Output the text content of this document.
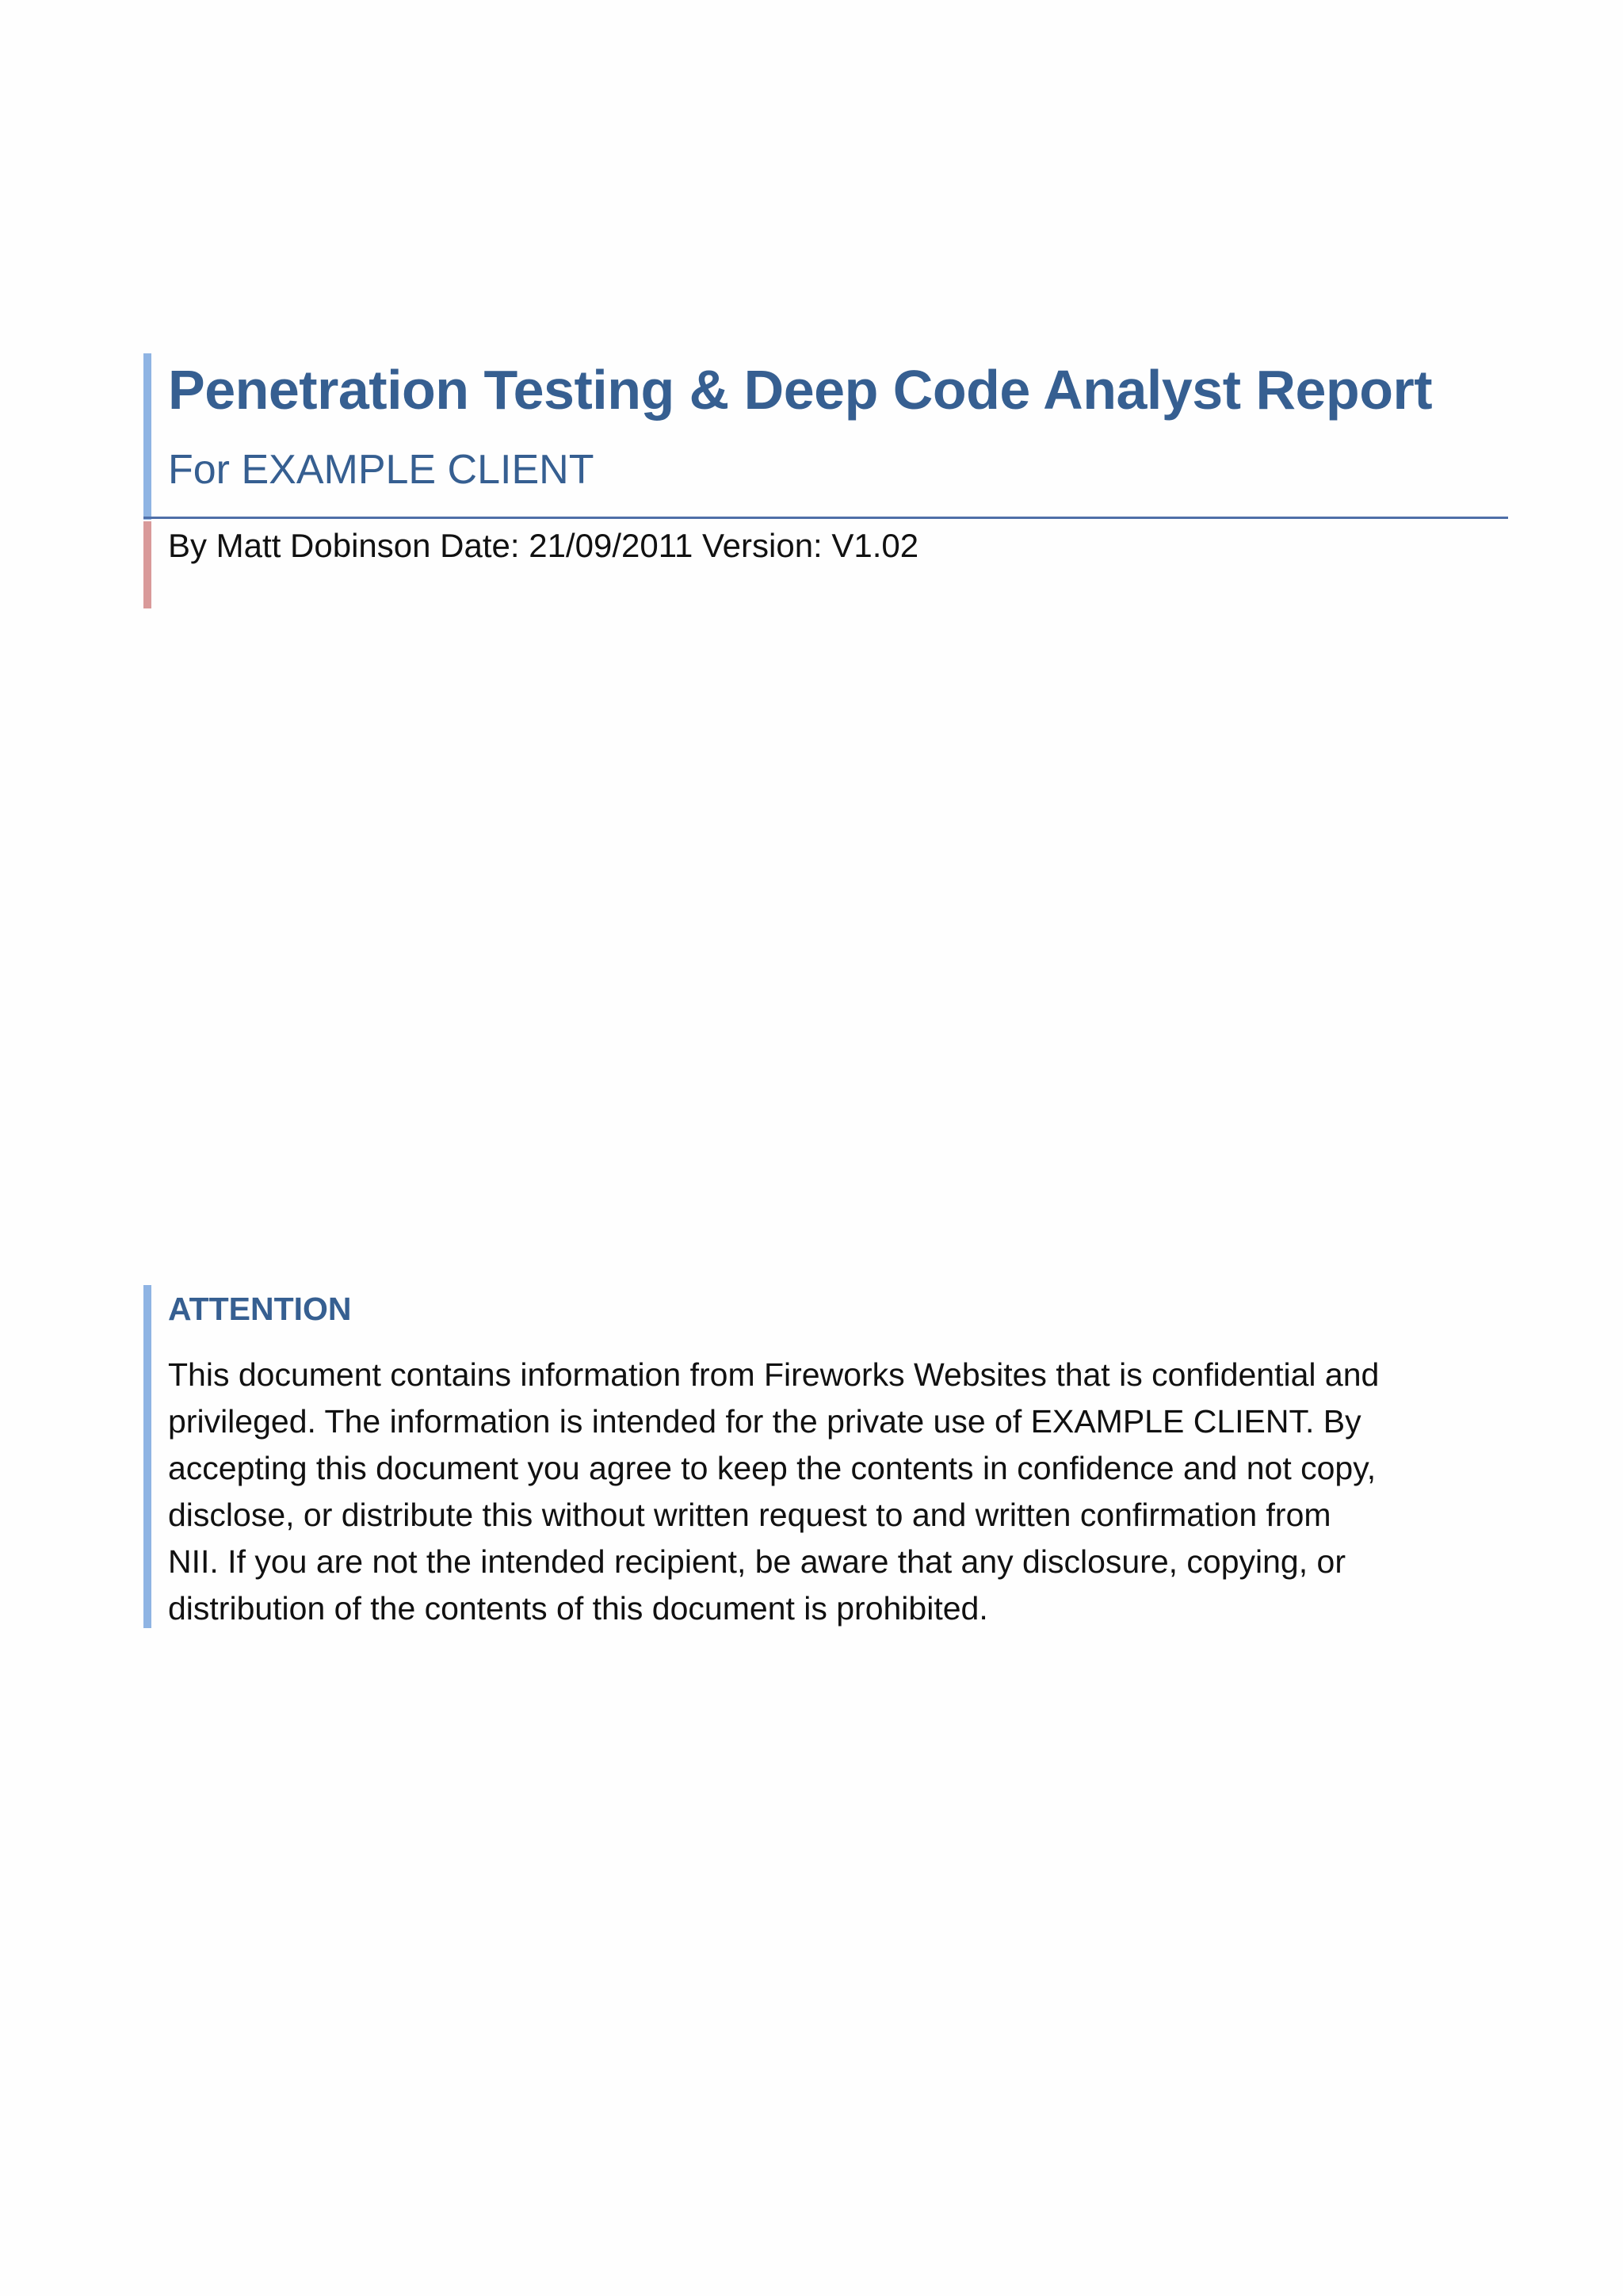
Penetration Testing & Deep Code Analyst Report
For EXAMPLE CLIENT
By Matt Dobinson Date: 21/09/2011 Version: V1.02
ATTENTION
This document contains information from Fireworks Websites that is confidential and
privileged. The information is intended for the private use of EXAMPLE CLIENT. By
accepting this document you agree to keep the contents in confidence and not copy,
disclose, or distribute this without written request to and written confirmation from
NII. If you are not the intended recipient, be aware that any disclosure, copying, or
distribution of the contents of this document is prohibited.
